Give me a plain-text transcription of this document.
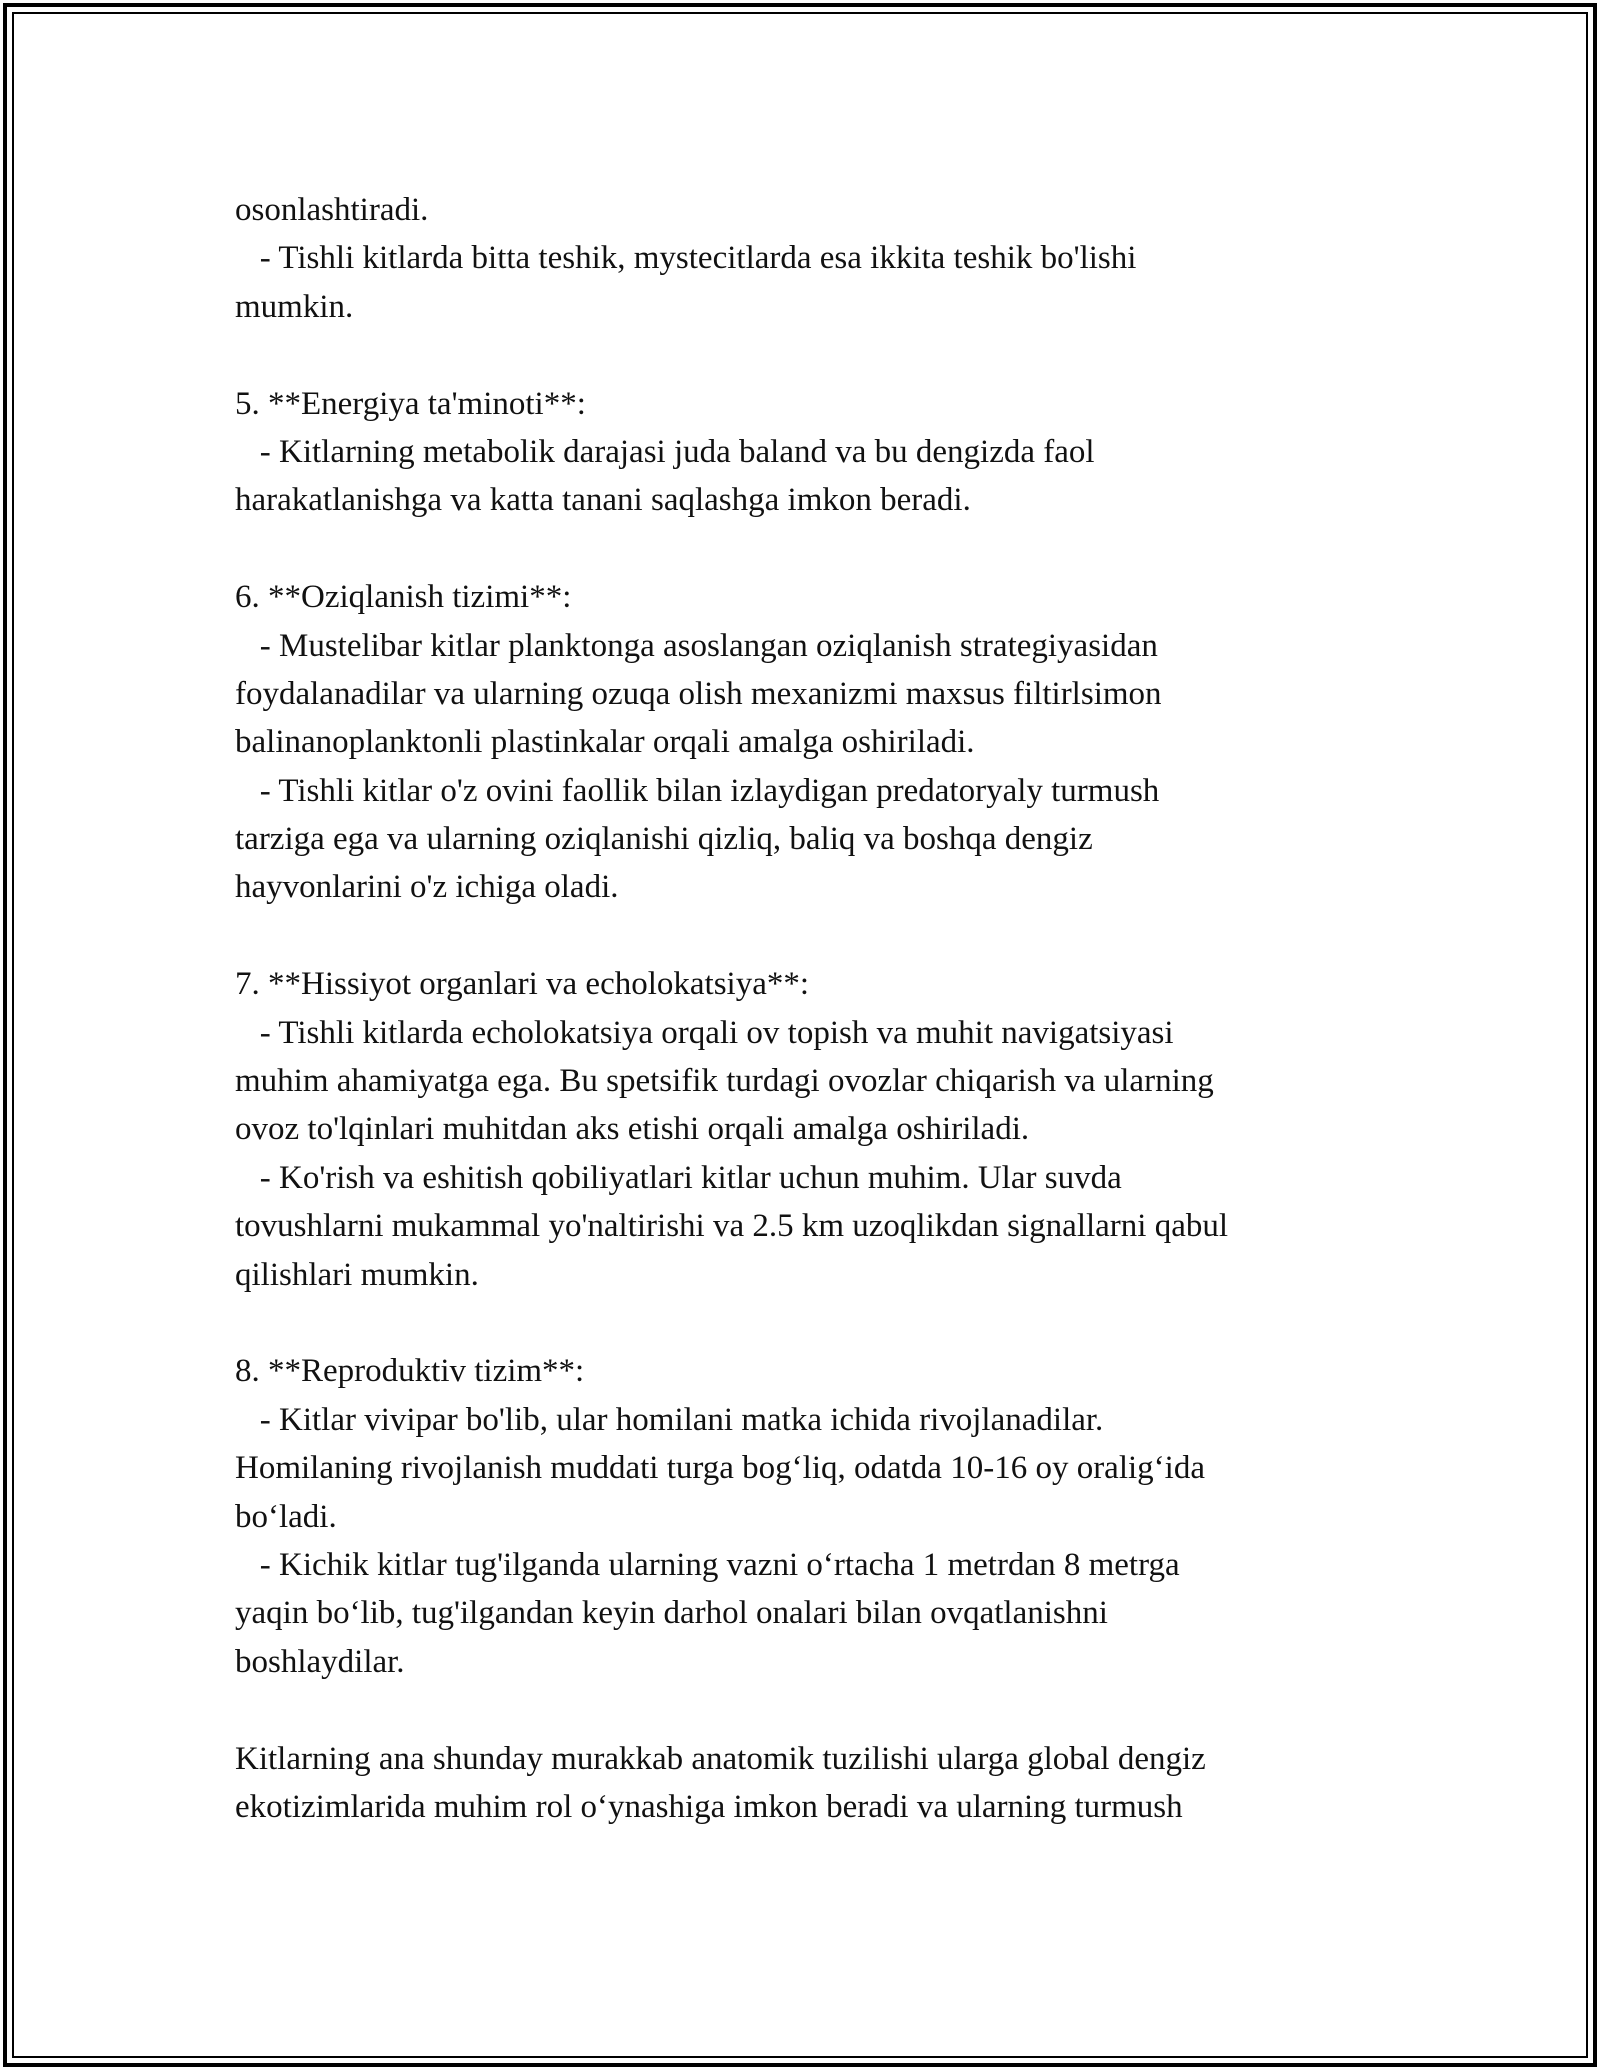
osonlashtiradi.
- Tishli kitlarda bitta teshik, mystecitlarda esa ikkita teshik bo'lishi
mumkin.
5. **Energiya ta'minoti**:
- Kitlarning metabolik darajasi juda baland va bu dengizda faol
harakatlanishga va katta tanani saqlashga imkon beradi.
6. **Oziqlanish tizimi**:
- Mustelibar kitlar planktonga asoslangan oziqlanish strategiyasidan
foydalanadilar va ularning ozuqa olish mexanizmi maxsus filtirlsimon
balinanoplanktonli plastinkalar orqali amalga oshiriladi.
- Tishli kitlar o'z ovini faollik bilan izlaydigan predatoryaly turmush
tarziga ega va ularning oziqlanishi qizliq, baliq va boshqa dengiz
hayvonlarini o'z ichiga oladi.
7. **Hissiyot organlari va echolokatsiya**:
- Tishli kitlarda echolokatsiya orqali ov topish va muhit navigatsiyasi
muhim ahamiyatga ega. Bu spetsifik turdagi ovozlar chiqarish va ularning
ovoz to'lqinlari muhitdan aks etishi orqali amalga oshiriladi.
- Ko'rish va eshitish qobiliyatlari kitlar uchun muhim. Ular suvda
tovushlarni mukammal yo'naltirishi va 2.5 km uzoqlikdan signallarni qabul
qilishlari mumkin.
8. **Reproduktiv tizim**:
- Kitlar vivipar bo'lib, ular homilani matka ichida rivojlanadilar.
Homilaning rivojlanish muddati turga bog‘liq, odatda 10-16 oy oralig‘ida
bo‘ladi.
- Kichik kitlar tug'ilganda ularning vazni o‘rtacha 1 metrdan 8 metrga
yaqin bo‘lib, tug'ilgandan keyin darhol onalari bilan ovqatlanishni
boshlaydilar.
Kitlarning ana shunday murakkab anatomik tuzilishi ularga global dengiz
ekotizimlarida muhim rol o‘ynashiga imkon beradi va ularning turmush
